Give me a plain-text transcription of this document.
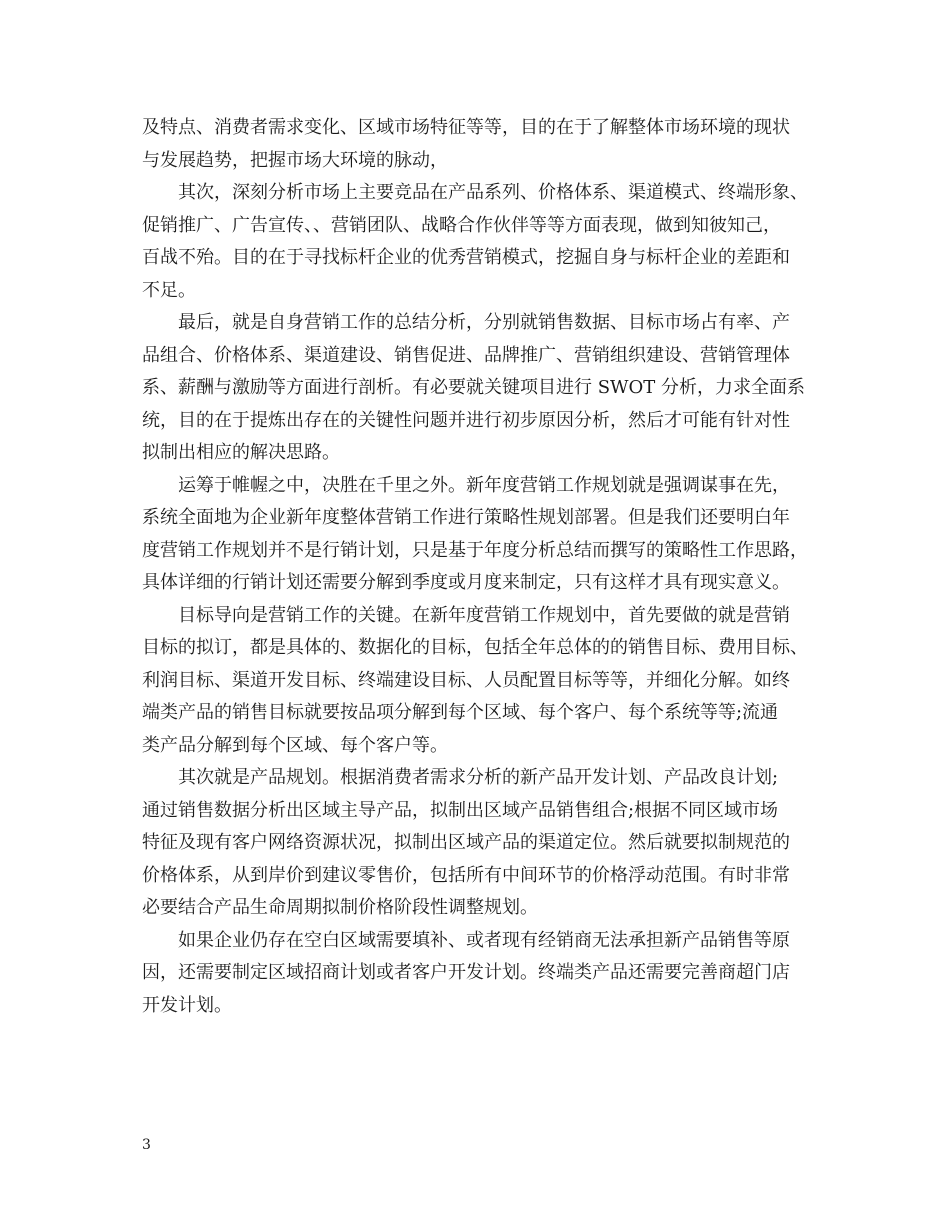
及特点、消费者需求变化、区域市场特征等等，目的在于了解整体市场环境的现状
与发展趋势，把握市场大环境的脉动，

其次，深刻分析市场上主要竞品在产品系列、价格体系、渠道模式、终端形象、
促销推广、广告宣传、、营销团队、战略合作伙伴等等方面表现，做到知彼知己，
百战不殆。目的在于寻找标杆企业的优秀营销模式，挖掘自身与标杆企业的差距和
不足。

最后，就是自身营销工作的总结分析，分别就销售数据、目标市场占有率、产
品组合、价格体系、渠道建设、销售促进、品牌推广、营销组织建设、营销管理体
系、薪酬与激励等方面进行剖析。有必要就关键项目进行 SWOT 分析，力求全面系
统，目的在于提炼出存在的关键性问题并进行初步原因分析，然后才可能有针对性
拟制出相应的解决思路。

运筹于帷幄之中，决胜在千里之外。新年度营销工作规划就是强调谋事在先，
系统全面地为企业新年度整体营销工作进行策略性规划部署。但是我们还要明白年
度营销工作规划并不是行销计划，只是基于年度分析总结而撰写的策略性工作思路，
具体详细的行销计划还需要分解到季度或月度来制定，只有这样才具有现实意义。

目标导向是营销工作的关键。在新年度营销工作规划中，首先要做的就是营销
目标的拟订，都是具体的、数据化的目标，包括全年总体的的销售目标、费用目标、
利润目标、渠道开发目标、终端建设目标、人员配置目标等等，并细化分解。如终
端类产品的销售目标就要按品项分解到每个区域、每个客户、每个系统等等;流通
类产品分解到每个区域、每个客户等。

其次就是产品规划。根据消费者需求分析的新产品开发计划、产品改良计划;
通过销售数据分析出区域主导产品，拟制出区域产品销售组合;根据不同区域市场
特征及现有客户网络资源状况，拟制出区域产品的渠道定位。然后就要拟制规范的
价格体系，从到岸价到建议零售价，包括所有中间环节的价格浮动范围。有时非常
必要结合产品生命周期拟制价格阶段性调整规划。

如果企业仍存在空白区域需要填补、或者现有经销商无法承担新产品销售等原
因，还需要制定区域招商计划或者客户开发计划。终端类产品还需要完善商超门店
开发计划。

3
